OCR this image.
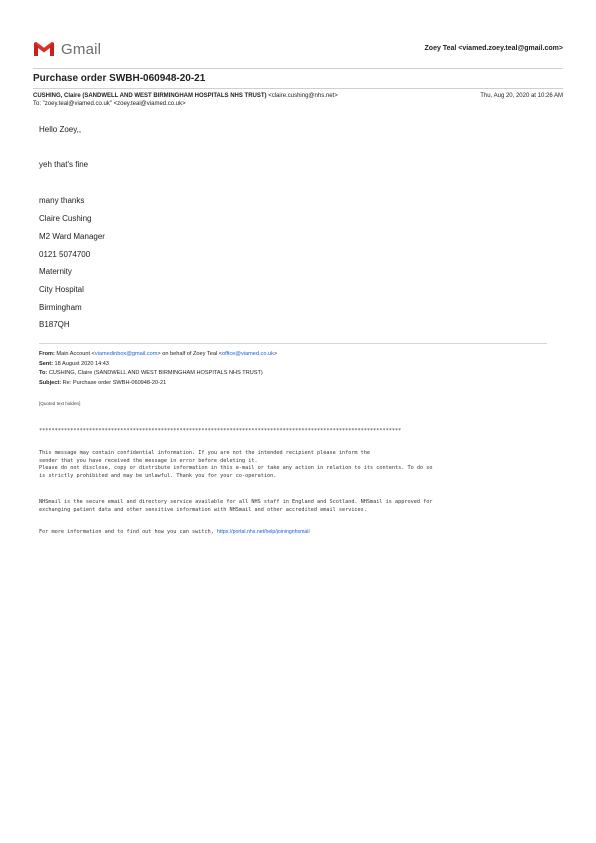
Gmail	Zoey Teal <viamed.zoey.teal@gmail.com>
Purchase order SWBH-060948-20-21
CUSHING, Claire (SANDWELL AND WEST BIRMINGHAM HOSPITALS NHS TRUST) <claire.cushing@nhs.net>	Thu, Aug 20, 2020 at 10:26 AM
To: "zoey.teal@viamed.co.uk" <zoey.teal@viamed.co.uk>
Hello Zoey,,
yeh that's fine
many thanks
Claire Cushing
M2 Ward Manager
0121 5074700
Maternity
City Hospital
Birmingham
B187QH
From: Main Account <viamedinbox@gmail.com> on behalf of Zoey Teal <office@viamed.co.uk>
Sent: 18 August 2020 14:43
To: CUSHING, Claire (SANDWELL AND WEST BIRMINGHAM HOSPITALS NHS TRUST)
Subject: Re: Purchase order SWBH-060948-20-21
[Quoted text hidden]
********************************************************************************************************************
This message may contain confidential information. If you are not the intended recipient please inform the
sender that you have received the message in error before deleting it.
Please do not disclose, copy or distribute information in this e-mail or take any action in relation to its contents. To do so
is strictly prohibited and may be unlawful. Thank you for your co-operation.
NHSmail is the secure email and directory service available for all NHS staff in England and Scotland. NHSmail is approved for
exchanging patient data and other sensitive information with NHSmail and other accredited email services.
For more information and to find out how you can switch, https://portal.nhs.net/help/joiningnhsmail
